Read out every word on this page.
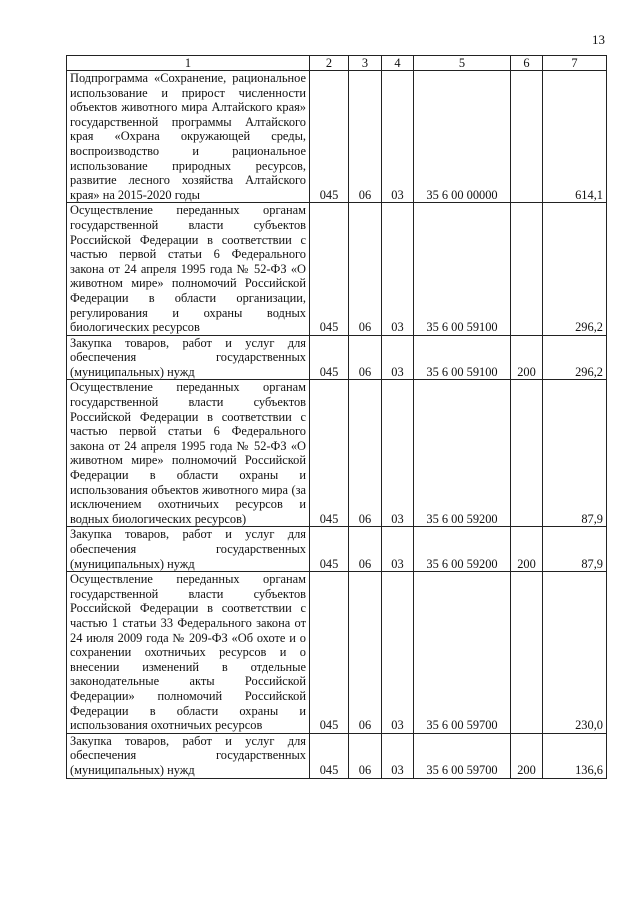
13
1	2	3	4	5	6	7
Подпрограмма «Сохранение, рациональное использование и прирост численности объектов животного мира Алтайского края» государственной программы Алтайского края «Охрана окружающей среды, воспроизводство и рациональное использование природных ресурсов, развитие лесного хозяйства Алтайского края» на 2015-2020 годы	045	06	03	35 6 00 00000		614,1
Осуществление переданных органам государственной власти субъектов Российской Федерации в соответствии с частью первой статьи 6 Федерального закона от 24 апреля 1995 года № 52-ФЗ «О животном мире» полномочий Российской Федерации в области организации, регулирования и охраны водных биологических ресурсов	045	06	03	35 6 00 59100		296,2
Закупка товаров, работ и услуг для обеспечения государственных (муниципальных) нужд	045	06	03	35 6 00 59100	200	296,2
Осуществление переданных органам государственной власти субъектов Российской Федерации в соответствии с частью первой статьи 6 Федерального закона от 24 апреля 1995 года № 52-ФЗ «О животном мире» полномочий Российской Федерации в области охраны и использования объектов животного мира (за исключением охотничьих ресурсов и водных биологических ресурсов)	045	06	03	35 6 00 59200		87,9
Закупка товаров, работ и услуг для обеспечения государственных (муниципальных) нужд	045	06	03	35 6 00 59200	200	87,9
Осуществление переданных органам государственной власти субъектов Российской Федерации в соответствии с частью 1 статьи 33 Федерального закона от 24 июля 2009 года № 209-ФЗ «Об охоте и о сохранении охотничьих ресурсов и о внесении изменений в отдельные законодательные акты Российской Федерации» полномочий Российской Федерации в области охраны и использования охотничьих ресурсов	045	06	03	35 6 00 59700		230,0
Закупка товаров, работ и услуг для обеспечения государственных (муниципальных) нужд	045	06	03	35 6 00 59700	200	136,6
